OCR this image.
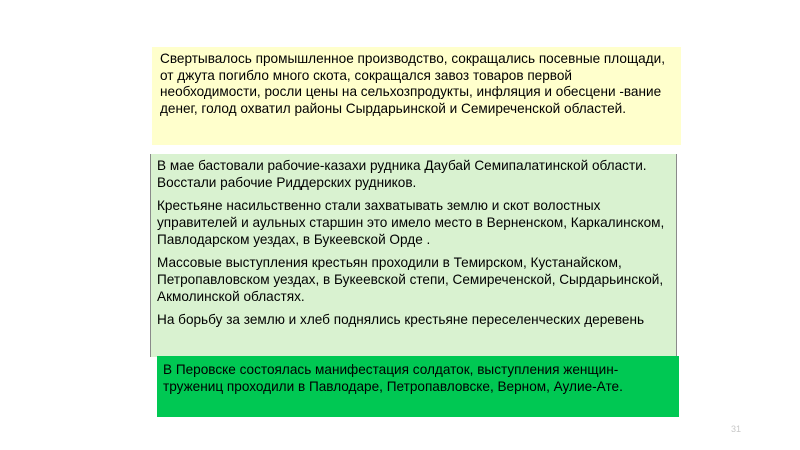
Свертывалось промышленное производство, сокращались посевные площади, от джута погибло много скота, сокращался завоз товаров первой необходимости, росли цены на сельхозпродукты, инфляция и обесцени -вание денег, голод охватил районы Сырдарьинской и Семиреченской областей.

В мае бастовали рабочие-казахи рудника Даубай Семипалатинской области. Восстали рабочие Риддерских рудников.

Крестьяне насильственно стали захватывать землю и скот волостных управителей и аульных старшин это имело место в Верненском, Каркалинском, Павлодарском уездах, в Букеевской Орде .

Массовые выступления крестьян проходили в Темирском, Кустанайском, Петропавловском уездах, в Букеевской степи, Семиреченской, Сырдарьинской, Акмолинской областях.

На борьбу за землю и хлеб поднялись крестьяне переселенческих деревень

В Перовске состоялась манифестация солдаток, выступления женщин-тружениц проходили в Павлодаре, Петропавловске, Верном, Аулие-Ате.
31
